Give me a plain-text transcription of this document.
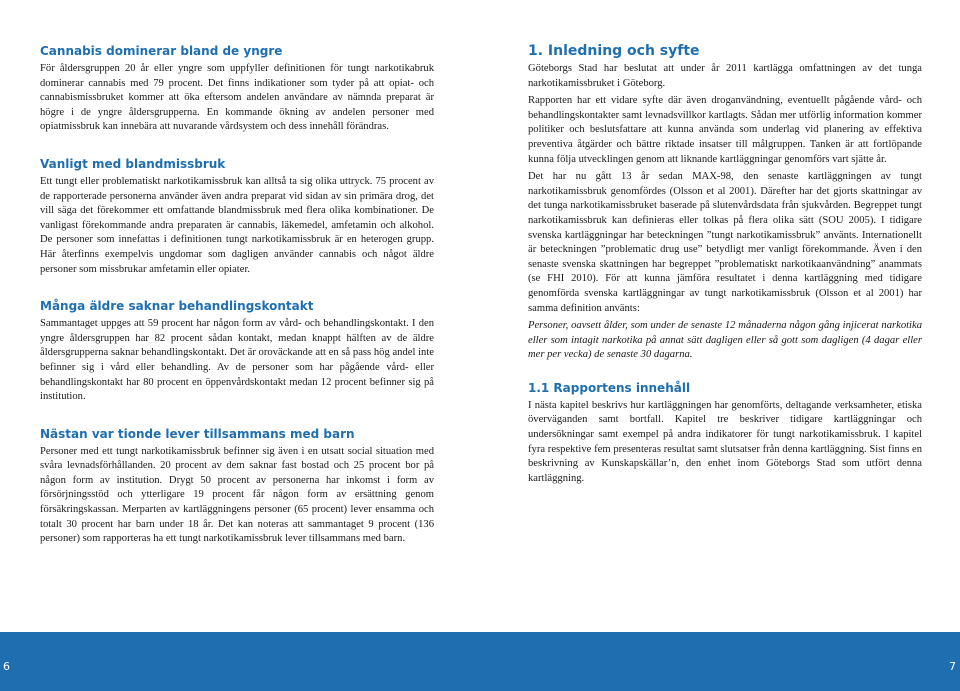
Cannabis dominerar bland de yngre

För åldersgruppen 20 år eller yngre som uppfyller definitionen för tungt narkotikabruk dominerar cannabis med 79 procent. Det finns indikationer som tyder på att opiat- och cannabismissbruket kommer att öka eftersom andelen användare av nämnda preparat är högre i de yngre åldersgrupperna. En kommande ökning av andelen personer med opiatmissbruk kan innebära att nuvarande vårdsystem och dess innehåll förändras.

Vanligt med blandmissbruk

Ett tungt eller problematiskt narkotikamissbruk kan alltså ta sig olika uttryck. 75 procent av de rapporterade personerna använder även andra preparat vid sidan av sin primära drog, det vill säga det förekommer ett omfattande blandmissbruk med flera olika kombinationer. De vanligast förekommande andra preparaten är cannabis, läkemedel, amfetamin och alkohol. De personer som innefattas i definitionen tungt narkotikamissbruk är en heterogen grupp. Här återfinns exempelvis ungdomar som dagligen använder cannabis och något äldre personer som missbrukar amfetamin eller opiater.

Många äldre saknar behandlingskontakt

Sammantaget uppges att 59 procent har någon form av vård- och behandlingskontakt. I den yngre åldersgruppen har 82 procent sådan kontakt, medan knappt hälften av de äldre åldersgrupperna saknar behandlingskontakt. Det är oroväckande att en så pass hög andel inte befinner sig i vård eller behandling. Av de personer som har pågående vård- eller behandlingskontakt har 80 procent en öppenvårdskontakt medan 12 procent befinner sig på institution.

Nästan var tionde lever tillsammans med barn

Personer med ett tungt narkotikamissbruk befinner sig även i en utsatt social situation med svåra levnadsförhållanden. 20 procent av dem saknar fast bostad och 25 procent bor på någon form av institution. Drygt 50 procent av personerna har inkomst i form av försörjningsstöd och ytterligare 19 procent får någon form av ersättning genom försäkringskassan. Merparten av kartläggningens personer (65 procent) lever ensamma och totalt 30 procent har barn under 18 år. Det kan noteras att sammantaget 9 procent (136 personer) som rapporteras ha ett tungt narkotikamissbruk lever tillsammans med barn.

1. Inledning och syfte

Göteborgs Stad har beslutat att under år 2011 kartlägga omfattningen av det tunga narkotikamissbruket i Göteborg.

Rapporten har ett vidare syfte där även droganvändning, eventuellt pågående vård- och behandlingskontakter samt levnadsvillkor kartlagts. Sådan mer utförlig information kommer politiker och beslutsfattare att kunna använda som underlag vid planering av effektiva preventiva åtgärder och bättre riktade insatser till målgruppen. Tanken är att fortlöpande kunna följa utvecklingen genom att liknande kartläggningar genomförs vart sjätte år.

Det har nu gått 13 år sedan MAX-98, den senaste kartläggningen av tungt narkotikamissbruk genomfördes (Olsson et al 2001). Därefter har det gjorts skattningar av det tunga narkotikamissbruket baserade på slutenvårdsdata från sjukvården. Begreppet tungt narkotikamissbruk kan definieras eller tolkas på flera olika sätt (SOU 2005). I tidigare svenska kartläggningar har beteckningen ”tungt narkotikamissbruk” använts. Internationellt är beteckningen ”problematic drug use” betydligt mer vanligt förekommande. Även i den senaste svenska skattningen har begreppet ”problematiskt narkotikaanvändning” anammats (se FHI 2010). För att kunna jämföra resultatet i denna kartläggning med tidigare genomförda svenska kartläggningar av tungt narkotikamissbruk (Olsson et al 2001) har samma definition använts:

Personer, oavsett ålder, som under de senaste 12 månaderna någon gång injicerat narkotika eller som intagit narkotika på annat sätt dagligen eller så gott som dagligen (4 dagar eller mer per vecka) de senaste 30 dagarna.

1.1 Rapportens innehåll

I nästa kapitel beskrivs hur kartläggningen har genomförts, deltagande verksamheter, etiska överväganden samt bortfall. Kapitel tre beskriver tidigare kartläggningar och undersökningar samt exempel på andra indikatorer för tungt narkotikamissbruk. I kapitel fyra respektive fem presenteras resultat samt slutsatser från denna kartläggning. Sist finns en beskrivning av Kunskapskällar’n, den enhet inom Göteborgs Stad som utfört denna kartläggning.

6	7
